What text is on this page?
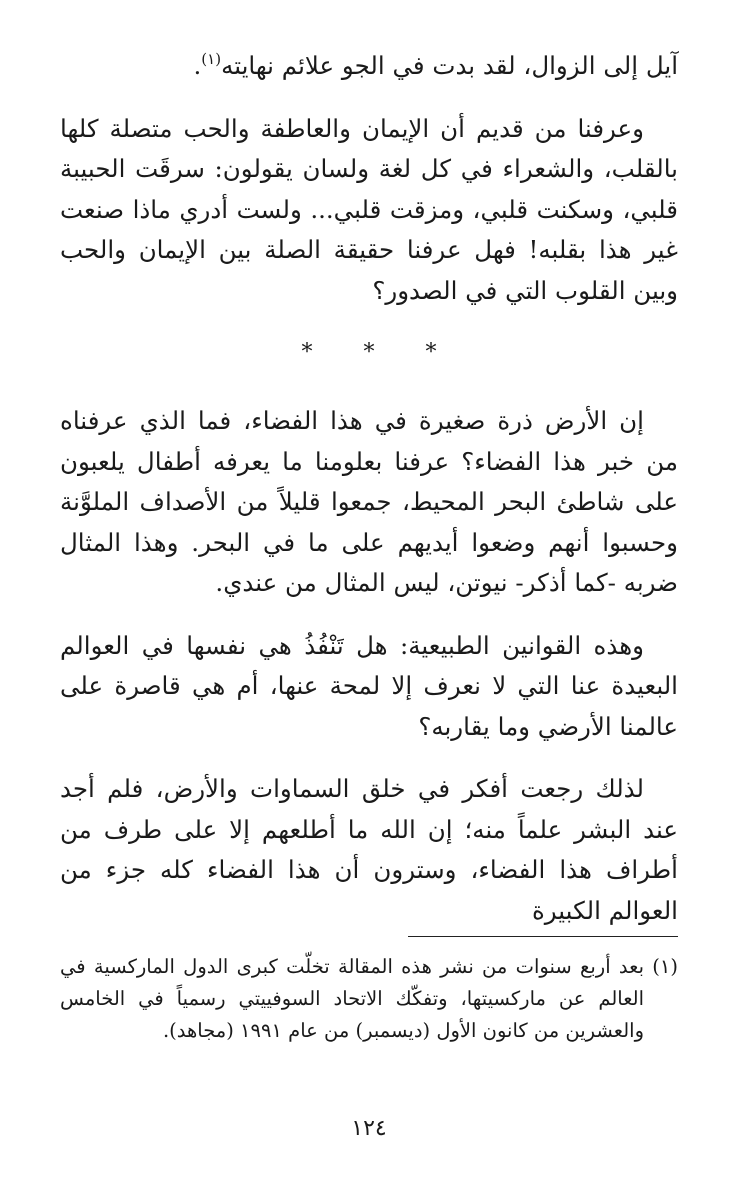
آيل إلى الزوال، لقد بدت في الجو علائم نهايته$^{(١)}$.

وعرفنا من قديم أن الإيمان والعاطفة والحب متصلة كلها بالقلب، والشعراء في كل لغة ولسان يقولون: سرقَت الحبيبة قلبي، وسكنت قلبي، ومزقت قلبي... ولست أدري ماذا صنعت غير هذا بقلبه! فهل عرفنا حقيقة الصلة بين الإيمان والحب وبين القلوب التي في الصدور؟

* * *

إن الأرض ذرة صغيرة في هذا الفضاء، فما الذي عرفناه من خبر هذا الفضاء؟ عرفنا بعلومنا ما يعرفه أطفال يلعبون على شاطئ البحر المحيط، جمعوا قليلاً من الأصداف الملوَّنة وحسبوا أنهم وضعوا أيديهم على ما في البحر. وهذا المثال ضربه -كما أذكر- نيوتن، ليس المثال من عندي.

وهذه القوانين الطبيعية: هل تَنْفُذُ هي نفسها في العوالم البعيدة عنا التي لا نعرف إلا لمحة عنها، أم هي قاصرة على عالمنا الأرضي وما يقاربه؟

لذلك رجعت أفكر في خلق السماوات والأرض، فلم أجد عند البشر علماً منه؛ إن الله ما أطلعهم إلا على طرف من أطراف هذا الفضاء، وسترون أن هذا الفضاء كله جزء من العوالم الكبيرة

(١) بعد أربع سنوات من نشر هذه المقالة تخلّت كبرى الدول الماركسية في العالم عن ماركسيتها، وتفكّك الاتحاد السوفييتي رسمياً في الخامس والعشرين من كانون الأول (ديسمبر) من عام ١٩٩١ (مجاهد).

١٢٤
